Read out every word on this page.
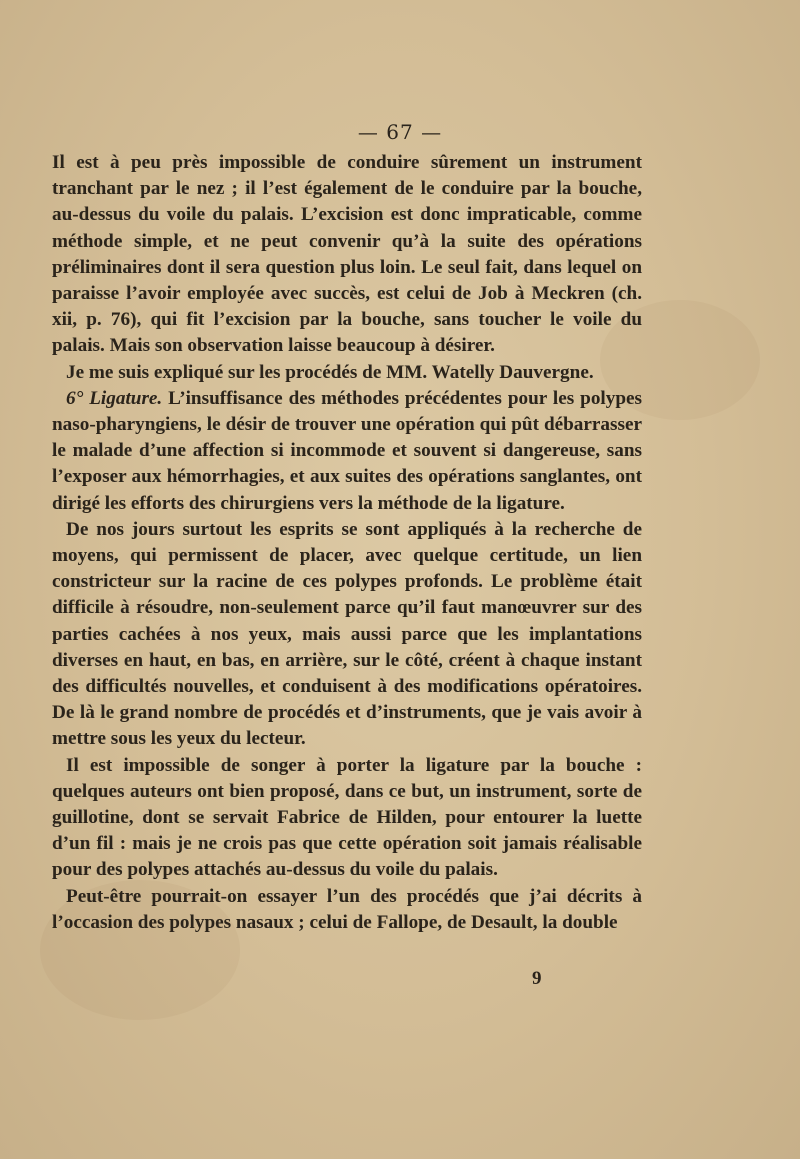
— 67 —

Il est à peu près impossible de conduire sûrement un instrument tranchant par le nez ; il l’est également de le conduire par la bouche, au-dessus du voile du palais. L’excision est donc impraticable, comme méthode simple, et ne peut convenir qu’à la suite des opérations préliminaires dont il sera question plus loin. Le seul fait, dans lequel on paraisse l’avoir employée avec succès, est celui de Job à Meckren (ch. xii, p. 76), qui fit l’excision par la bouche, sans toucher le voile du palais. Mais son observation laisse beaucoup à désirer.

Je me suis expliqué sur les procédés de MM. Watelly Dauvergne.

6° Ligature. L’insuffisance des méthodes précédentes pour les polypes naso-pharyngiens, le désir de trouver une opération qui pût débarrasser le malade d’une affection si incommode et souvent si dangereuse, sans l’exposer aux hémorrhagies, et aux suites des opérations sanglantes, ont dirigé les efforts des chirurgiens vers la méthode de la ligature.

De nos jours surtout les esprits se sont appliqués à la recherche de moyens, qui permissent de placer, avec quelque certitude, un lien constricteur sur la racine de ces polypes profonds. Le problème était difficile à résoudre, non-seulement parce qu’il faut manœuvrer sur des parties cachées à nos yeux, mais aussi parce que les implantations diverses en haut, en bas, en arrière, sur le côté, créent à chaque instant des difficultés nouvelles, et conduisent à des modifications opératoires. De là le grand nombre de procédés et d’instruments, que je vais avoir à mettre sous les yeux du lecteur.

Il est impossible de songer à porter la ligature par la bouche : quelques auteurs ont bien proposé, dans ce but, un instrument, sorte de guillotine, dont se servait Fabrice de Hilden, pour entourer la luette d’un fil : mais je ne crois pas que cette opération soit jamais réalisable pour des polypes attachés au-dessus du voile du palais.

Peut-être pourrait-on essayer l’un des procédés que j’ai décrits à l’occasion des polypes nasaux ; celui de Fallope, de Desault, la double

9
